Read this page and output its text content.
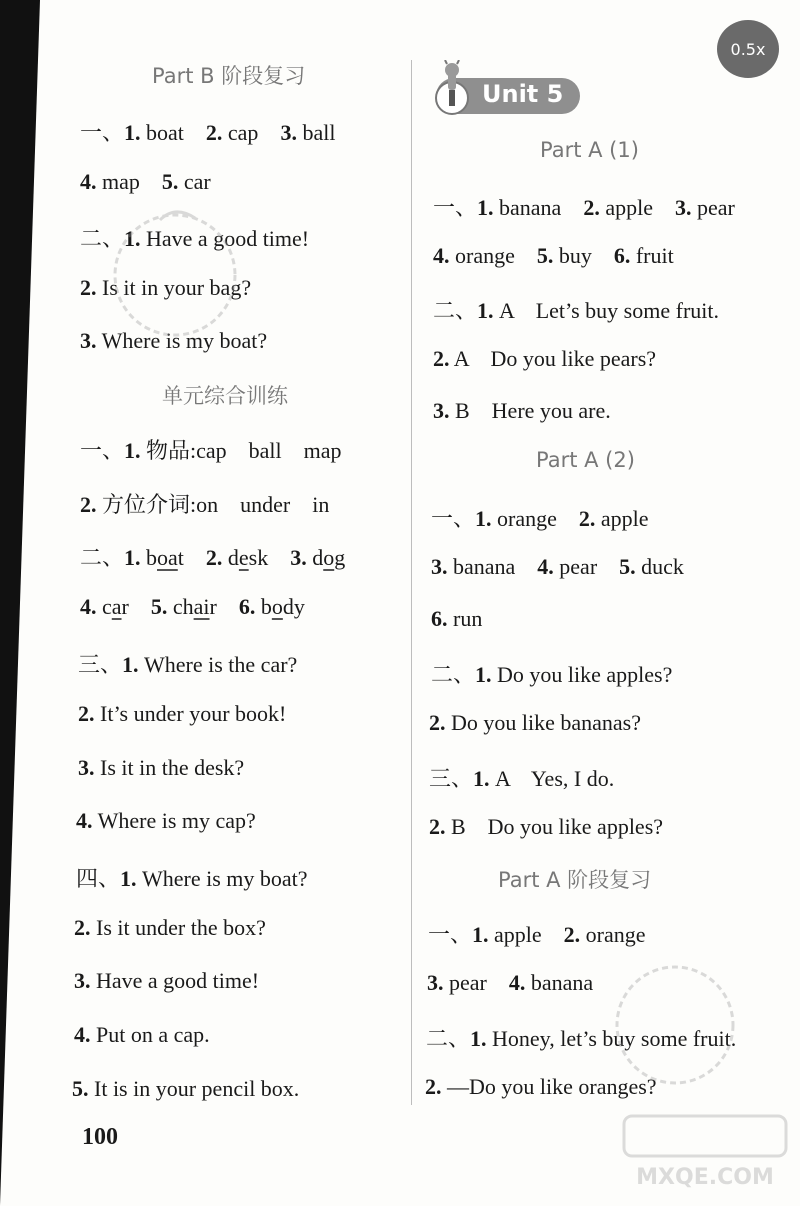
Part B 阶段复习
一、1. boat    2. cap    3. ball
4. map    5. car
二、1. Have a good time!
2. Is it in your bag?
3. Where is my boat?
单元综合训练
一、1. 物品:cap    ball    map
2. 方位介词:on    under    in
二、1. boat    2. desk    3. dog
4. car    5. chair    6. body
三、1. Where is the car?
2. It’s under your book!
3. Is it in the desk?
4. Where is my cap?
四、1. Where is my boat?
2. Is it under the box?
3. Have a good time!
4. Put on a cap.
5. It is in your pencil box.
100
0.5x
Unit 5
Part A (1)
一、1. banana    2. apple    3. pear
4. orange    5. buy    6. fruit
二、1. A    Let’s buy some fruit.
2. A    Do you like pears?
3. B    Here you are.
Part A (2)
一、1. orange    2. apple
3. banana    4. pear    5. duck
6. run
二、1. Do you like apples?
2. Do you like bananas?
三、1. A    Yes, I do.
2. B    Do you like apples?
Part A 阶段复习
一、1. apple    2. orange
3. pear    4. banana
二、1. Honey, let’s buy some fruit.
2. —Do you like oranges?
MXQE.COM
